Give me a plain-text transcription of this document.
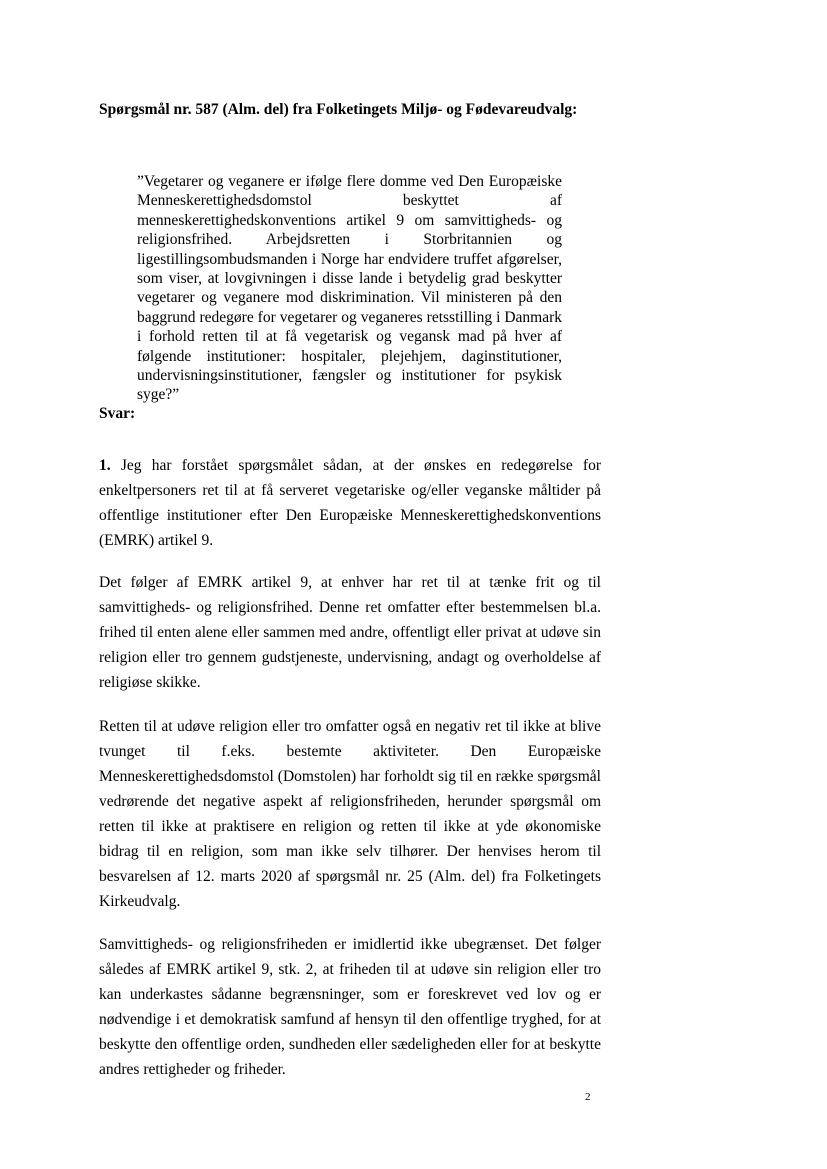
Spørgsmål nr. 587 (Alm. del) fra Folketingets Miljø- og Fødevareudvalg:

”Vegetarer og veganere er ifølge flere domme ved Den Europæiske Menneskerettighedsdomstol beskyttet af menneskerettighedskonventions artikel 9 om samvittigheds- og religionsfrihed. Arbejdsretten i Storbritannien og ligestillingsombudsmanden i Norge har endvidere truffet afgørelser, som viser, at lovgivningen i disse lande i betydelig grad beskytter vegetarer og veganere mod diskrimination. Vil ministeren på den baggrund redegøre for vegetarer og veganeres retsstilling i Danmark i forhold retten til at få vegetarisk og vegansk mad på hver af følgende institutioner: hospitaler, plejehjem, daginstitutioner, undervisningsinstitutioner, fængsler og institutioner for psykisk syge?”

Svar:

1. Jeg har forstået spørgsmålet sådan, at der ønskes en redegørelse for enkeltpersoners ret til at få serveret vegetariske og/eller veganske måltider på offentlige institutioner efter Den Europæiske Menneskerettighedskonventions (EMRK) artikel 9.

Det følger af EMRK artikel 9, at enhver har ret til at tænke frit og til samvittigheds- og religionsfrihed. Denne ret omfatter efter bestemmelsen bl.a. frihed til enten alene eller sammen med andre, offentligt eller privat at udøve sin religion eller tro gennem gudstjeneste, undervisning, andagt og overholdelse af religiøse skikke.

Retten til at udøve religion eller tro omfatter også en negativ ret til ikke at blive tvunget til f.eks. bestemte aktiviteter. Den Europæiske Menneskerettighedsdomstol (Domstolen) har forholdt sig til en række spørgsmål vedrørende det negative aspekt af religionsfriheden, herunder spørgsmål om retten til ikke at praktisere en religion og retten til ikke at yde økonomiske bidrag til en religion, som man ikke selv tilhører. Der henvises herom til besvarelsen af 12. marts 2020 af spørgsmål nr. 25 (Alm. del) fra Folketingets Kirkeudvalg.

Samvittigheds- og religionsfriheden er imidlertid ikke ubegrænset. Det følger således af EMRK artikel 9, stk. 2, at friheden til at udøve sin religion eller tro kan underkastes sådanne begrænsninger, som er foreskrevet ved lov og er nødvendige i et demokratisk samfund af hensyn til den offentlige tryghed, for at beskytte den offentlige orden, sundheden eller sædeligheden eller for at beskytte andres rettigheder og friheder.

2
